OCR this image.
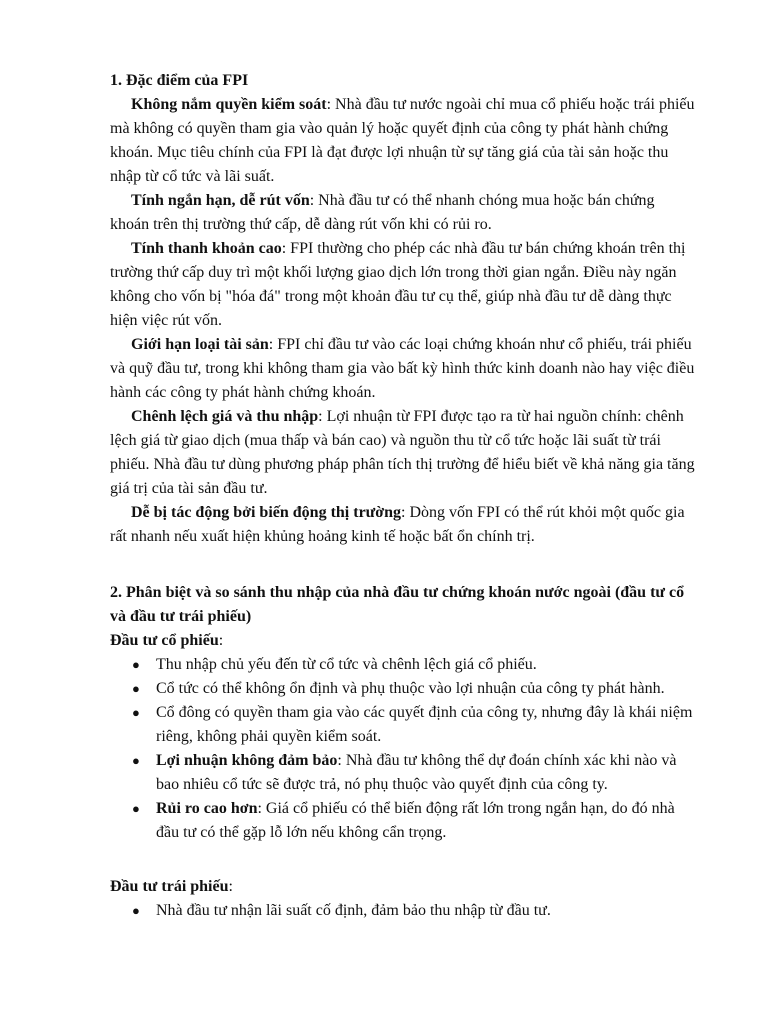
1. Đặc điểm của FPI

Không nắm quyền kiểm soát: Nhà đầu tư nước ngoài chỉ mua cổ phiếu hoặc trái phiếu mà không có quyền tham gia vào quản lý hoặc quyết định của công ty phát hành chứng khoán. Mục tiêu chính của FPI là đạt được lợi nhuận từ sự tăng giá của tài sản hoặc thu nhập từ cổ tức và lãi suất.

Tính ngắn hạn, dễ rút vốn: Nhà đầu tư có thể nhanh chóng mua hoặc bán chứng khoán trên thị trường thứ cấp, dễ dàng rút vốn khi có rủi ro.

Tính thanh khoản cao: FPI thường cho phép các nhà đầu tư bán chứng khoán trên thị trường thứ cấp duy trì một khối lượng giao dịch lớn trong thời gian ngắn. Điều này ngăn không cho vốn bị "hóa đá" trong một khoản đầu tư cụ thể, giúp nhà đầu tư dễ dàng thực hiện việc rút vốn.

Giới hạn loại tài sản: FPI chỉ đầu tư vào các loại chứng khoán như cổ phiếu, trái phiếu và quỹ đầu tư, trong khi không tham gia vào bất kỳ hình thức kinh doanh nào hay việc điều hành các công ty phát hành chứng khoán.

Chênh lệch giá và thu nhập: Lợi nhuận từ FPI được tạo ra từ hai nguồn chính: chênh lệch giá từ giao dịch (mua thấp và bán cao) và nguồn thu từ cổ tức hoặc lãi suất từ trái phiếu. Nhà đầu tư dùng phương pháp phân tích thị trường để hiểu biết về khả năng gia tăng giá trị của tài sản đầu tư.

Dễ bị tác động bởi biến động thị trường: Dòng vốn FPI có thể rút khỏi một quốc gia rất nhanh nếu xuất hiện khủng hoảng kinh tế hoặc bất ổn chính trị.

2. Phân biệt và so sánh thu nhập của nhà đầu tư chứng khoán nước ngoài (đầu tư cổ và đầu tư trái phiếu)

Đầu tư cổ phiếu:

● Thu nhập chủ yếu đến từ cổ tức và chênh lệch giá cổ phiếu.
● Cổ tức có thể không ổn định và phụ thuộc vào lợi nhuận của công ty phát hành.
● Cổ đông có quyền tham gia vào các quyết định của công ty, nhưng đây là khái niệm riêng, không phải quyền kiểm soát.
● Lợi nhuận không đảm bảo: Nhà đầu tư không thể dự đoán chính xác khi nào và bao nhiêu cổ tức sẽ được trả, nó phụ thuộc vào quyết định của công ty.
● Rủi ro cao hơn: Giá cổ phiếu có thể biến động rất lớn trong ngắn hạn, do đó nhà đầu tư có thể gặp lỗ lớn nếu không cẩn trọng.

Đầu tư trái phiếu:

● Nhà đầu tư nhận lãi suất cố định, đảm bảo thu nhập từ đầu tư.
